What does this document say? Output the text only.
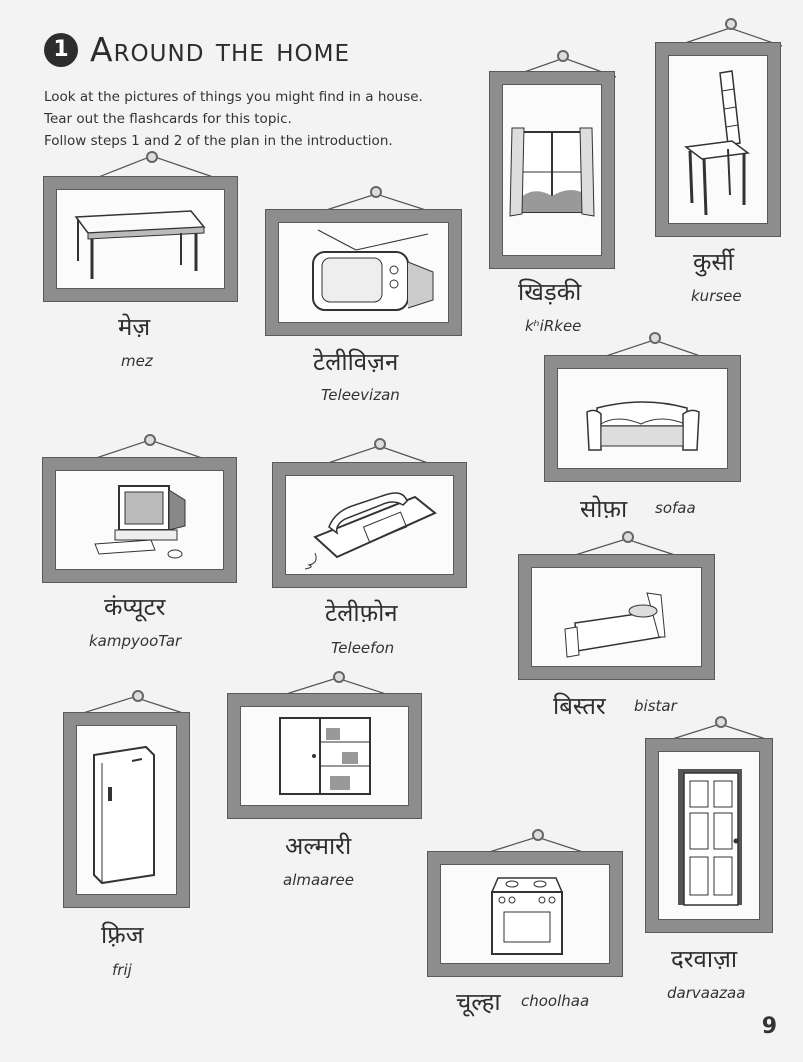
1 Around the home
Look at the pictures of things you might find in a house.
Tear out the flashcards for this topic.
Follow steps 1 and 2 of the plan in the introduction.
मेज़
mez	टेलीविज़न
Teleevizan
खिड़की
kʰiRkee
कुर्सी
kursee
सोफ़ा sofaa
कंप्यूटर
kampyooTar
टेलीफ़ोन
Teleefon
बिस्तर bistar
फ़्रिज
frij
अल्मारी
almaaree
चूल्हा choolhaa
दरवाज़ा
darvaazaa
9
